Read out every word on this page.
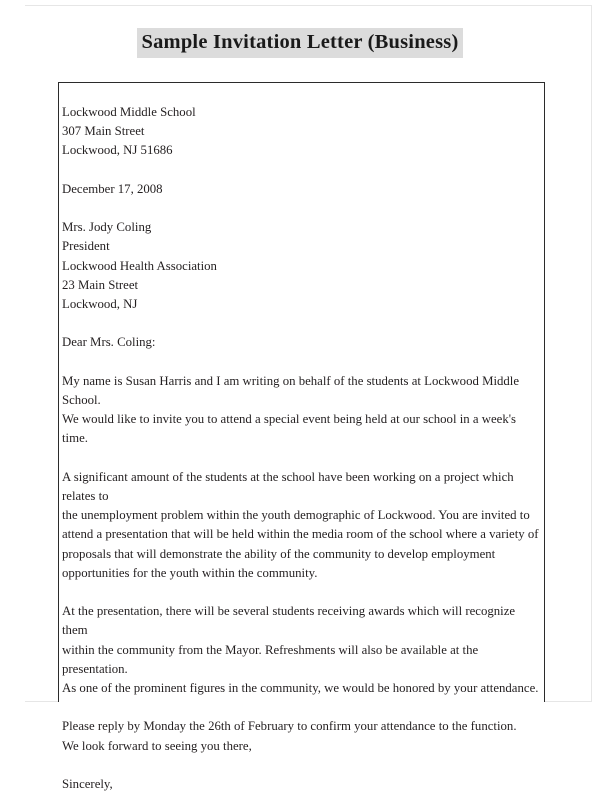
Sample Invitation Letter (Business)

Lockwood Middle School

307 Main Street

Lockwood, NJ 51686

December 17, 2008

Mrs. Jody Coling

President

Lockwood Health Association

23 Main Street

Lockwood, NJ

Dear Mrs. Coling:

My name is Susan Harris and I am writing on behalf of the students at Lockwood Middle School.

We would like to invite you to attend a special event being held at our school in a week's time.

A significant amount of the students at the school have been working on a project which relates to

the unemployment problem within the youth demographic of Lockwood. You are invited to

attend a presentation that will be held within the media room of the school where a variety of

proposals that will demonstrate the ability of the community to develop employment

opportunities for the youth within the community.

At the presentation, there will be several students receiving awards which will recognize them

within the community from the Mayor. Refreshments will also be available at the presentation.

As one of the prominent figures in the community, we would be honored by your attendance.

Please reply by Monday the 26th of February to confirm your attendance to the function.

We look forward to seeing you there,

Sincerely,
